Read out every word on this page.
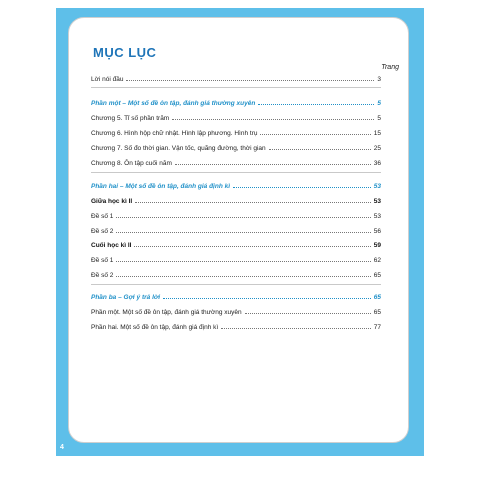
MỤC LỤC
Trang
Lời nói đầu	3
Phần một – Một số đề ôn tập, đánh giá thường xuyên	5
Chương 5. Tỉ số phần trăm	5
Chương 6. Hình hộp chữ nhật. Hình lập phương. Hình trụ	15
Chương 7. Số đo thời gian. Vận tốc, quãng đường, thời gian	25
Chương 8. Ôn tập cuối năm	36
Phần hai – Một số đề ôn tập, đánh giá định kì	53
Giữa học kì II	53
Đề số 1	53
Đề số 2	56
Cuối học kì II	59
Đề số 1	62
Đề số 2	65
Phần ba – Gợi ý trả lời	65
Phần một. Một số đề ôn tập, đánh giá thường xuyên	65
Phần hai. Một số đề ôn tập, đánh giá định kì	77
4
